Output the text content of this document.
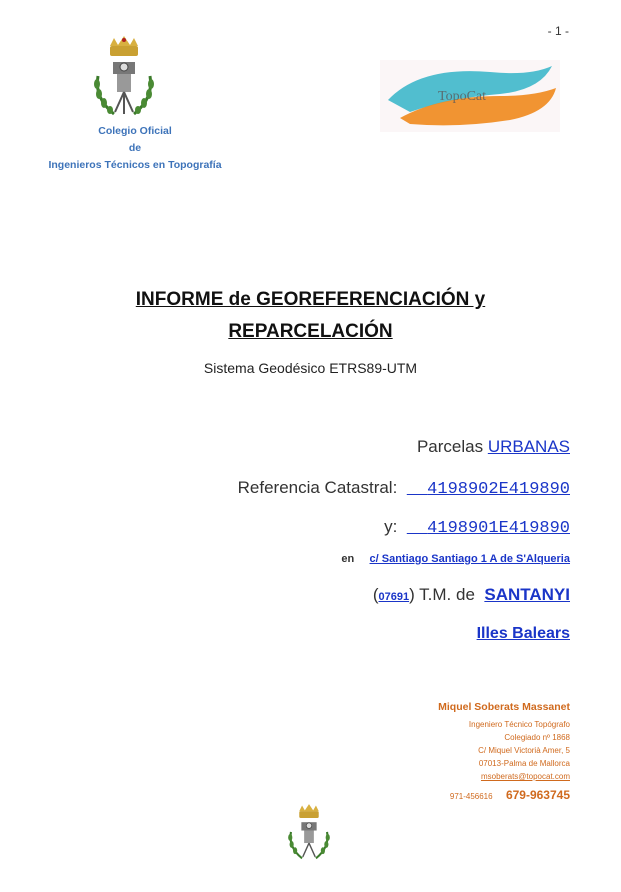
- 1 -
Colegio Oficial
de
Ingenieros Técnicos en Topografía
TopoCat
INFORME de GEOREFERENCIACIÓN y
REPARCELACIÓN
Sistema Geodésico ETRS89-UTM
Parcelas URBANAS
Referencia Catastral: 4198902E419890
y: 4198901E419890
en c/ Santiago Santiago 1 A de S'Alqueria
(07691) T.M. de SANTANYI
Illes Balears
Miquel Soberats Massanet
Ingeniero Técnico Topógrafo
Colegiado nº 1868
C/ Miquel Victorià Amer, 5
07013-Palma de Mallorca
msoberats@topocat.com
971-456616 679-963745
